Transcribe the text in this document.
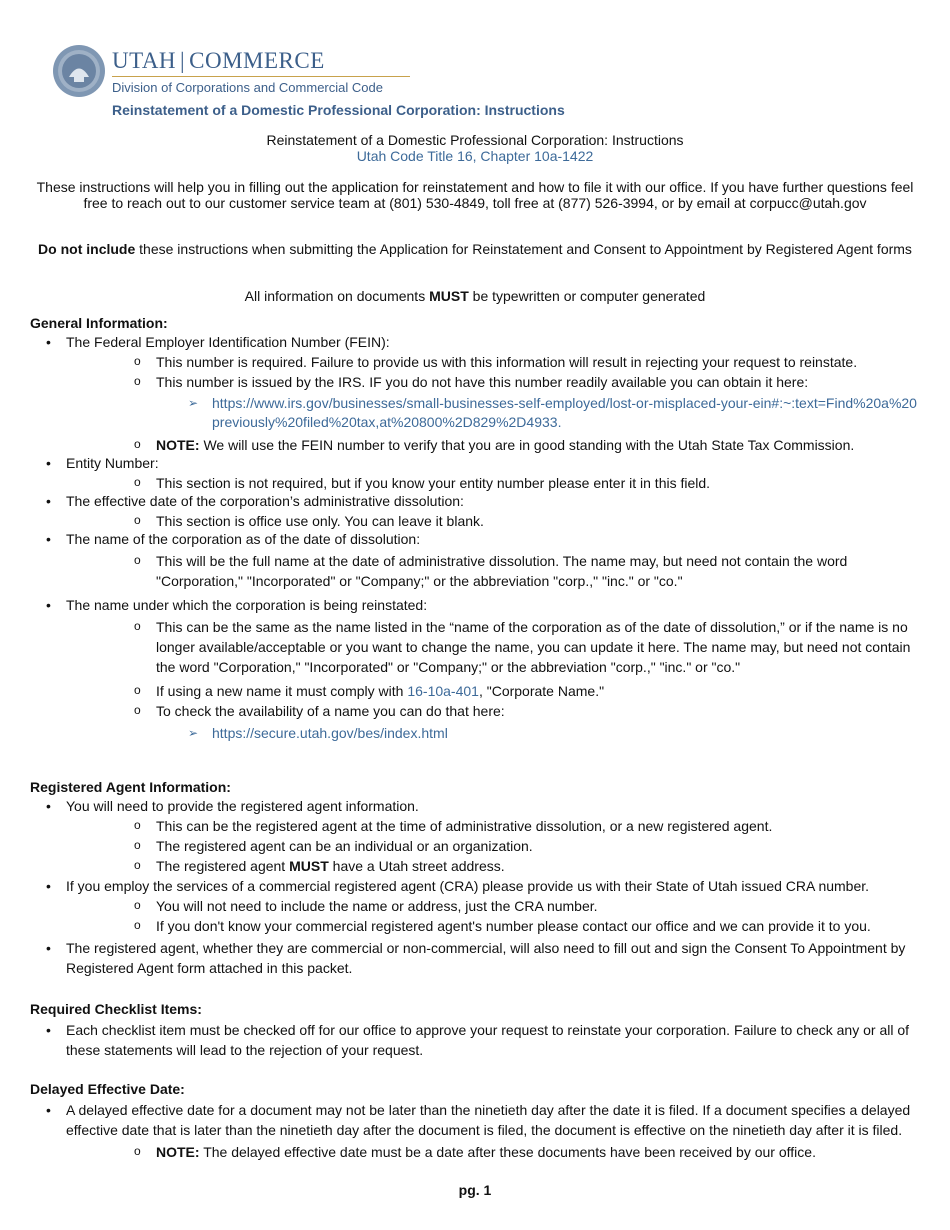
UTAH | COMMERCE
Division of Corporations and Commercial Code
Reinstatement of a Domestic Professional Corporation: Instructions
Reinstatement of a Domestic Professional Corporation: Instructions
Utah Code Title 16, Chapter 10a-1422
These instructions will help you in filling out the application for reinstatement and how to file it with our office. If you have further questions feel free to reach out to our customer service team at (801) 530-4849, toll free at (877) 526-3994, or by email at corpucc@utah.gov
Do not include these instructions when submitting the Application for Reinstatement and Consent to Appointment by Registered Agent forms
All information on documents MUST be typewritten or computer generated

General Information:

• The Federal Employer Identification Number (FEIN):
o This number is required. Failure to provide us with this information will result in rejecting your request to reinstate.
o This number is issued by the IRS. IF you do not have this number readily available you can obtain it here:
➢ https://www.irs.gov/businesses/small-businesses-self-employed/lost-or-misplaced-your-ein#:~:text=Find%20a%20previously%20filed%20tax,at%20800%2D829%2D4933.
o NOTE: We will use the FEIN number to verify that you are in good standing with the Utah State Tax Commission.
• Entity Number:
o This section is not required, but if you know your entity number please enter it in this field.
• The effective date of the corporation’s administrative dissolution:
o This section is office use only. You can leave it blank.
• The name of the corporation as of the date of dissolution:
o This will be the full name at the date of administrative dissolution. The name may, but need not contain the word "Corporation," "Incorporated" or "Company;" or the abbreviation "corp.," "inc." or "co."
• The name under which the corporation is being reinstated:
o This can be the same as the name listed in the “name of the corporation as of the date of dissolution,” or if the name is no longer available/acceptable or you want to change the name, you can update it here. The name may, but need not contain the word "Corporation," "Incorporated" or "Company;" or the abbreviation "corp.," "inc." or "co."
o If using a new name it must comply with 16-10a-401, "Corporate Name."
o To check the availability of a name you can do that here:
➢ https://secure.utah.gov/bes/index.html

Registered Agent Information:

• You will need to provide the registered agent information.
o This can be the registered agent at the time of administrative dissolution, or a new registered agent.
o The registered agent can be an individual or an organization.
o The registered agent MUST have a Utah street address.
• If you employ the services of a commercial registered agent (CRA) please provide us with their State of Utah issued CRA number.
o You will not need to include the name or address, just the CRA number.
o If you don't know your commercial registered agent's number please contact our office and we can provide it to you.
• The registered agent, whether they are commercial or non-commercial, will also need to fill out and sign the Consent To Appointment by Registered Agent form attached in this packet.

Required Checklist Items:

• Each checklist item must be checked off for our office to approve your request to reinstate your corporation. Failure to check any or all of these statements will lead to the rejection of your request.

Delayed Effective Date:

• A delayed effective date for a document may not be later than the ninetieth day after the date it is filed. If a document specifies a delayed effective date that is later than the ninetieth day after the document is filed, the document is effective on the ninetieth day after it is filed.
o NOTE: The delayed effective date must be a date after these documents have been received by our office.
pg. 1
